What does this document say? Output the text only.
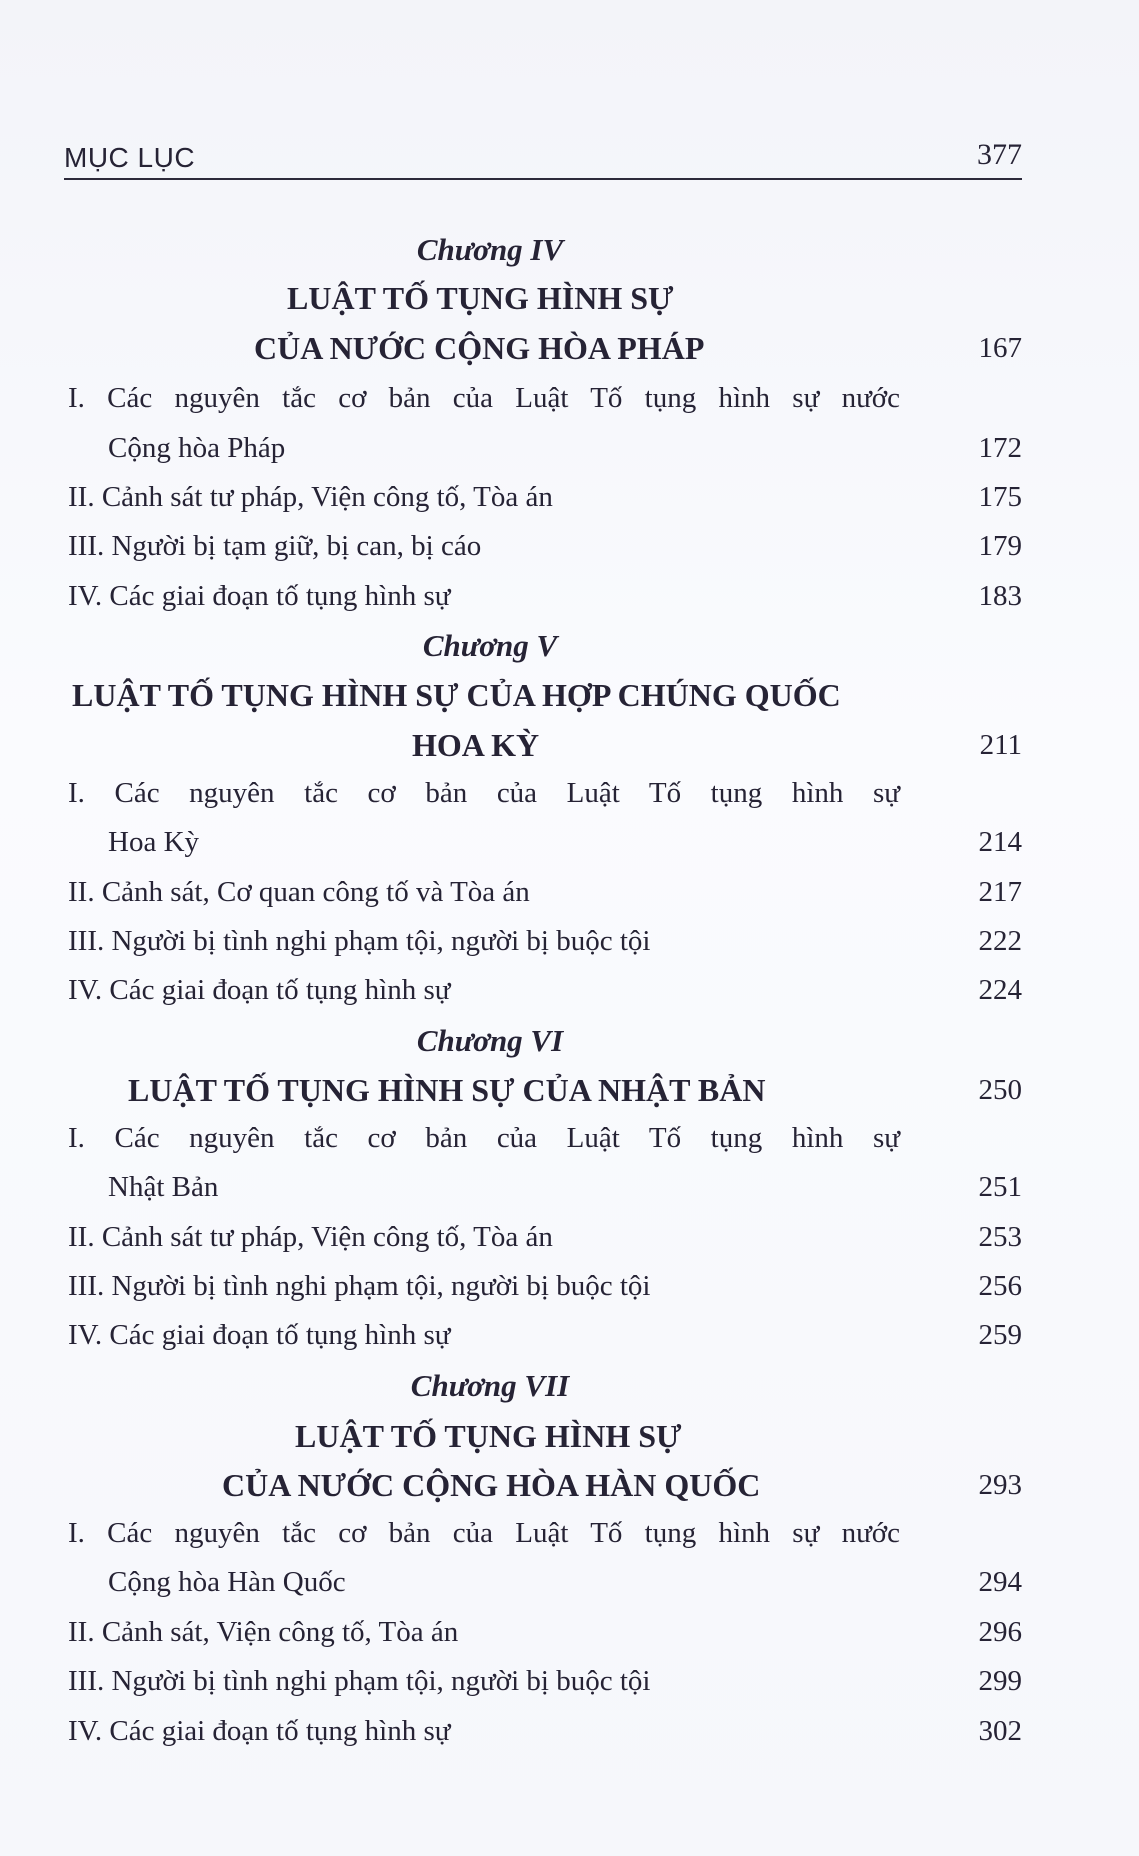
MỤC LỤC	377
Chương IV
LUẬT TỐ TỤNG HÌNH SỰ
CỦA NƯỚC CỘNG HÒA PHÁP	167
I. Các nguyên tắc cơ bản của Luật Tố tụng hình sự nước
Cộng hòa Pháp	172
II. Cảnh sát tư pháp, Viện công tố, Tòa án	175
III. Người bị tạm giữ, bị can, bị cáo	179
IV. Các giai đoạn tố tụng hình sự	183
Chương V
LUẬT TỐ TỤNG HÌNH SỰ CỦA HỢP CHÚNG QUỐC
HOA KỲ	211
I. Các nguyên tắc cơ bản của Luật Tố tụng hình sự
Hoa Kỳ	214
II. Cảnh sát, Cơ quan công tố và Tòa án	217
III. Người bị tình nghi phạm tội, người bị buộc tội	222
IV. Các giai đoạn tố tụng hình sự	224
Chương VI
LUẬT TỐ TỤNG HÌNH SỰ CỦA NHẬT BẢN	250
I. Các nguyên tắc cơ bản của Luật Tố tụng hình sự
Nhật Bản	251
II. Cảnh sát tư pháp, Viện công tố, Tòa án	253
III. Người bị tình nghi phạm tội, người bị buộc tội	256
IV. Các giai đoạn tố tụng hình sự	259
Chương VII
LUẬT TỐ TỤNG HÌNH SỰ
CỦA NƯỚC CỘNG HÒA HÀN QUỐC	293
I. Các nguyên tắc cơ bản của Luật Tố tụng hình sự nước
Cộng hòa Hàn Quốc	294
II. Cảnh sát, Viện công tố, Tòa án	296
III. Người bị tình nghi phạm tội, người bị buộc tội	299
IV. Các giai đoạn tố tụng hình sự	302
